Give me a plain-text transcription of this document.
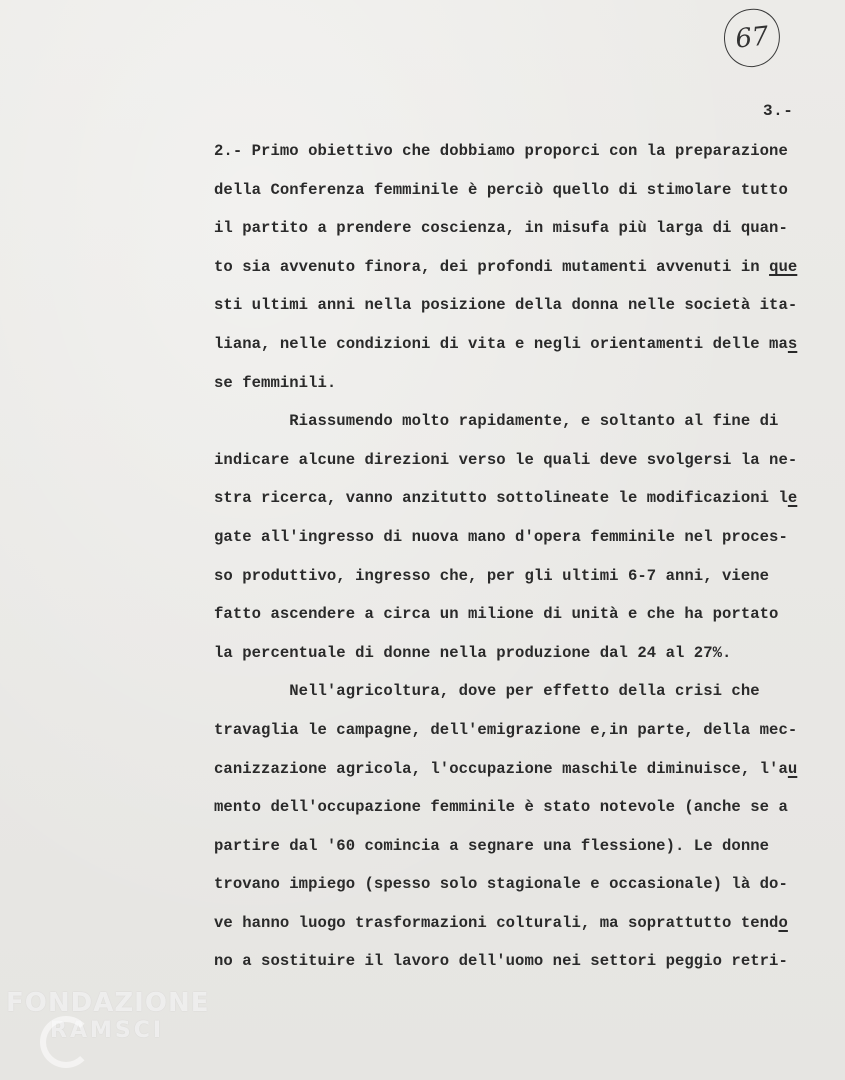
67
3.-
2.- Primo obiettivo che dobbiamo proporci con la preparazione
della Conferenza femminile è perciò quello di stimolare tutto
il partito a prendere coscienza, in misufa più larga di quan-
to sia avvenuto finora, dei profondi mutamenti avvenuti in que
sti ultimi anni nella posizione della donna nelle società ita-
liana, nelle condizioni di vita e negli orientamenti delle mas
se femminili.
Riassumendo molto rapidamente, e soltanto al fine di
indicare alcune direzioni verso le quali deve svolgersi la ne-
stra ricerca, vanno anzitutto sottolineate le modificazioni le
gate all'ingresso di nuova mano d'opera femminile nel proces-
so produttivo, ingresso che, per gli ultimi 6-7 anni, viene
fatto ascendere a circa un milione di unità e che ha portato
la percentuale di donne nella produzione dal 24 al 27%.
Nell'agricoltura, dove per effetto della crisi che
travaglia le campagne, dell'emigrazione e,in parte, della mec-
canizzazione agricola, l'occupazione maschile diminuisce, l'au
mento dell'occupazione femminile è stato notevole (anche se a
partire dal '60 comincia a segnare una flessione). Le donne
trovano impiego (spesso solo stagionale e occasionale) là do-
ve hanno luogo trasformazioni colturali, ma soprattutto tendo
no a sostituire il lavoro dell'uomo nei settori peggio retri-
FONDAZIONE
RAMSCI
